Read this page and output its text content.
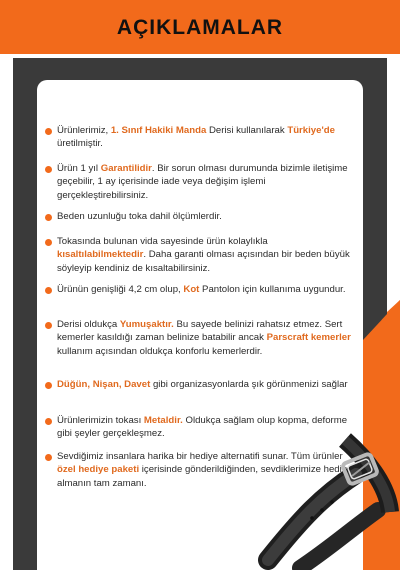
AÇIKLAMALAR
Ürünlerimiz, 1. Sınıf Hakiki Manda Derisi kullanılarak Türkiye'de üretilmiştir.
Ürün 1 yıl Garantilidir. Bir sorun olması durumunda bizimle iletişime geçebilir, 1 ay içerisinde iade veya değişim işlemi gerçekleştirebilirsiniz.
Beden uzunluğu toka dahil ölçümlerdir.
Tokasında bulunan vida sayesinde ürün kolaylıkla kısaltılabilmektedir. Daha garanti olması açısından bir beden büyük söyleyip kendiniz de kısaltabilirsiniz.
Ürünün genişliği 4,2 cm olup, Kot Pantolon için kullanıma uygundur.
Derisi oldukça Yumuşaktır. Bu sayede belinizi rahatsız etmez. Sert kemerler kasıldığı zaman belinize batabilir ancak Parscraft kemerler kullanım açısından oldukça konforlu kemerlerdir.
Düğün, Nişan, Davet gibi organizasyonlarda şık görünmenizi sağlar
Ürünlerimizin tokası Metaldir. Oldukça sağlam olup kopma, deforme gibi şeyler gerçekleşmez.
Sevdiğimiz insanlara harika bir hediye alternatifi sunar. Tüm ürünler özel hediye paketi içerisinde gönderildiğinden, sevdiklerimize hediye almanın tam zamanı.
